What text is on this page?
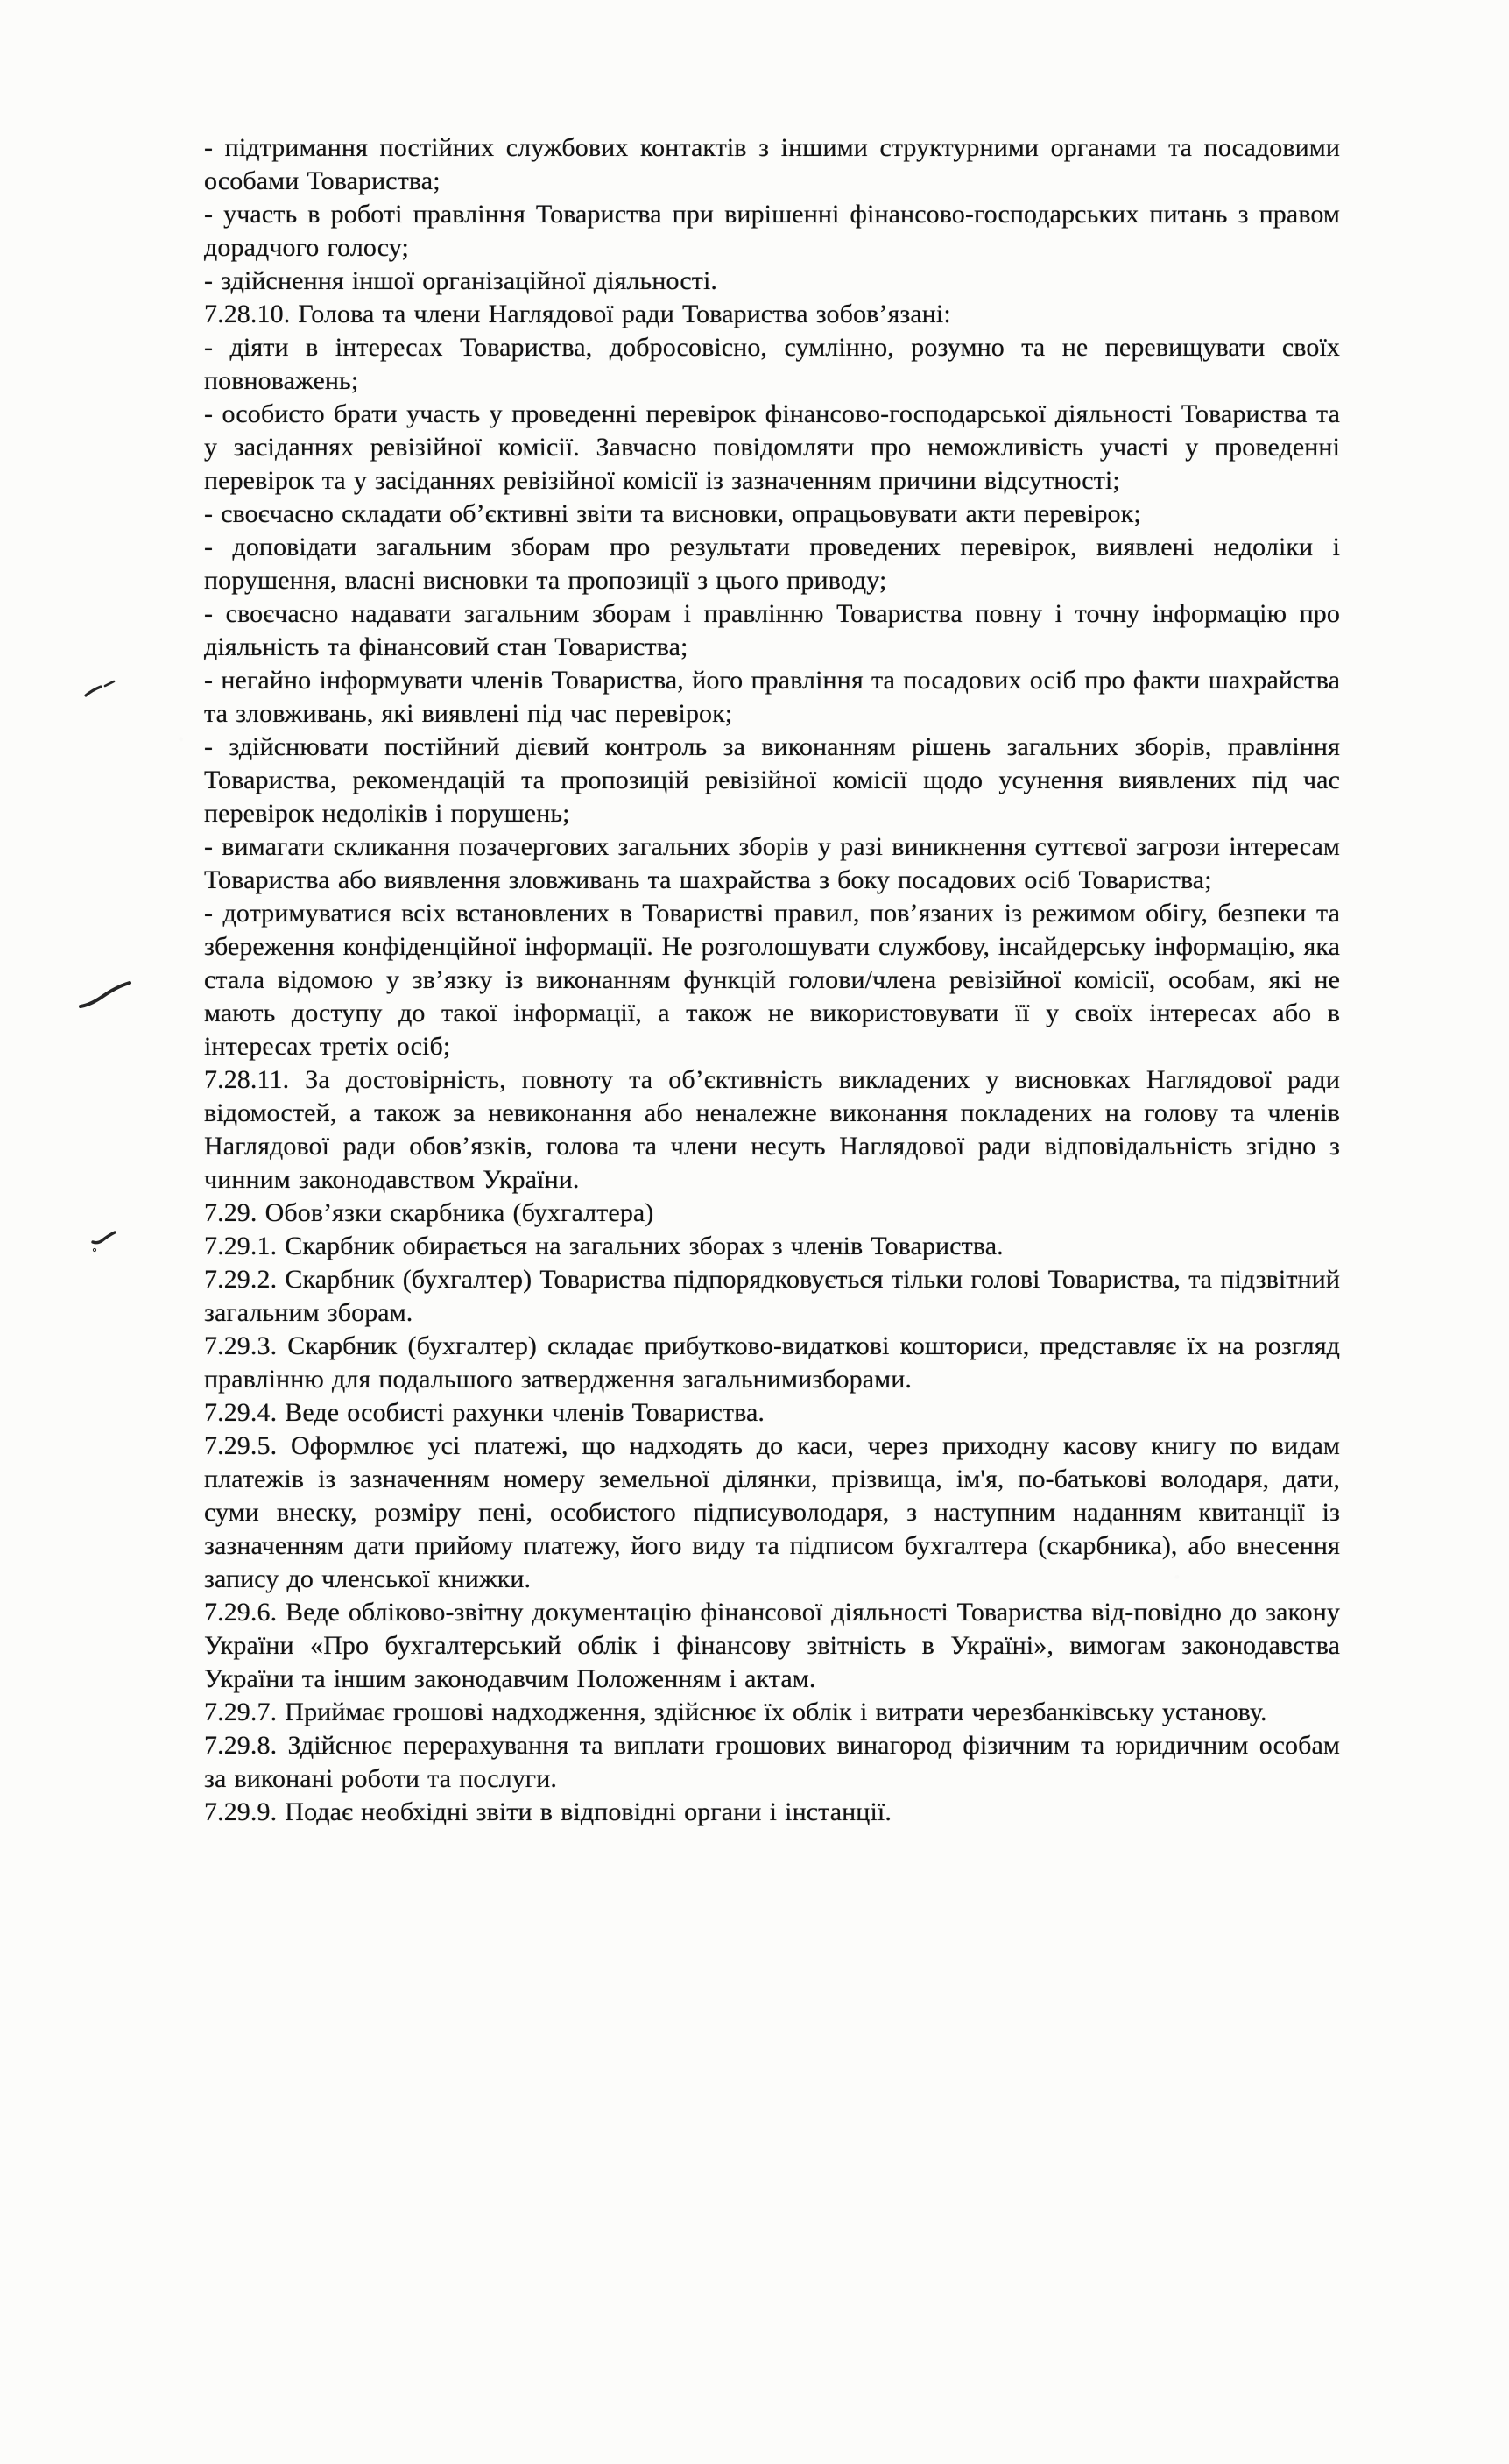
- підтримання постійних службових контактів з іншими структурними органами та посадовими особами Товариства;

- участь в роботі правління Товариства при вирішенні фінансово-господарських питань з правом дорадчого голосу;

- здійснення іншої організаційної діяльності.

7.28.10. Голова та члени Наглядової ради Товариства зобов’язані:

- діяти в інтересах Товариства, добросовісно, сумлінно, розумно та не перевищувати своїх повноважень;

- особисто брати участь у проведенні перевірок фінансово-господарської діяльності Товариства та у засіданнях ревізійної комісії. Завчасно повідомляти про неможливість участі у проведенні перевірок та у засіданнях ревізійної комісії із зазначенням причини відсутності;

- своєчасно складати об’єктивні звіти та висновки, опрацьовувати акти перевірок;

- доповідати загальним зборам про результати проведених перевірок, виявлені недоліки і порушення, власні висновки та пропозиції з цього приводу;

- своєчасно надавати загальним зборам і правлінню Товариства повну і точну інформацію про діяльність та фінансовий стан Товариства;

- негайно інформувати членів Товариства, його правління та посадових осіб про факти шахрайства та зловживань, які виявлені під час перевірок;

- здійснювати постійний дієвий контроль за виконанням рішень загальних зборів, правління Товариства, рекомендацій та пропозицій ревізійної комісії щодо усунення виявлених під час перевірок недоліків і порушень;

- вимагати скликання позачергових загальних зборів у разі виникнення суттєвої загрози інтересам Товариства або виявлення зловживань та шахрайства з боку посадових осіб Товариства;

- дотримуватися всіх встановлених в Товаристві правил, пов’язаних із режимом обігу, безпеки та збереження конфіденційної інформації. Не розголошувати службову, інсайдерську інформацію, яка стала відомою у зв’язку із виконанням функцій голови/члена ревізійної комісії, особам, які не мають доступу до такої інформації, а також не використовувати її у своїх інтересах або в інтересах третіх осіб;

7.28.11. За достовірність, повноту та об’єктивність викладених у висновках Наглядової ради відомостей, а також за невиконання або неналежне виконання покладених на голову та членів Наглядової ради обов’язків, голова та члени несуть Наглядової ради відповідальність згідно з чинним законодавством України.

7.29. Обов’язки скарбника (бухгалтера)

7.29.1. Скарбник обирається на загальних зборах з членів Товариства.

7.29.2. Скарбник (бухгалтер) Товариства підпорядковується тільки голові Товариства, та підзвітний загальним зборам.

7.29.3. Скарбник (бухгалтер) складає прибутково-видаткові кошториси, представляє їх на розгляд правлінню для подальшого затвердження загальнимизборами.

7.29.4. Веде особисті рахунки членів Товариства.

7.29.5. Оформлює усі платежі, що надходять до каси, через приходну касову книгу по видам платежів із зазначенням номеру земельної ділянки, прізвища, ім'я, по-батькові володаря, дати, суми внеску, розміру пені, особистого підписуволодаря, з наступним наданням квитанції із зазначенням дати прийому платежу, його виду та підписом бухгалтера (скарбника), або внесення запису до членської книжки.

7.29.6. Веде обліково-звітну документацію фінансової діяльності Товариства від-повідно до закону України «Про бухгалтерський облік і фінансову звітність в Україні», вимогам законодавства України та іншим законодавчим Положенням і актам.

7.29.7. Приймає грошові надходження, здійснює їх облік і витрати черезбанківську установу.

7.29.8. Здійснює перерахування та виплати грошових винагород фізичним та юридичним особам за виконані роботи та послуги.

7.29.9. Подає необхідні звіти в відповідні органи і інстанції.
